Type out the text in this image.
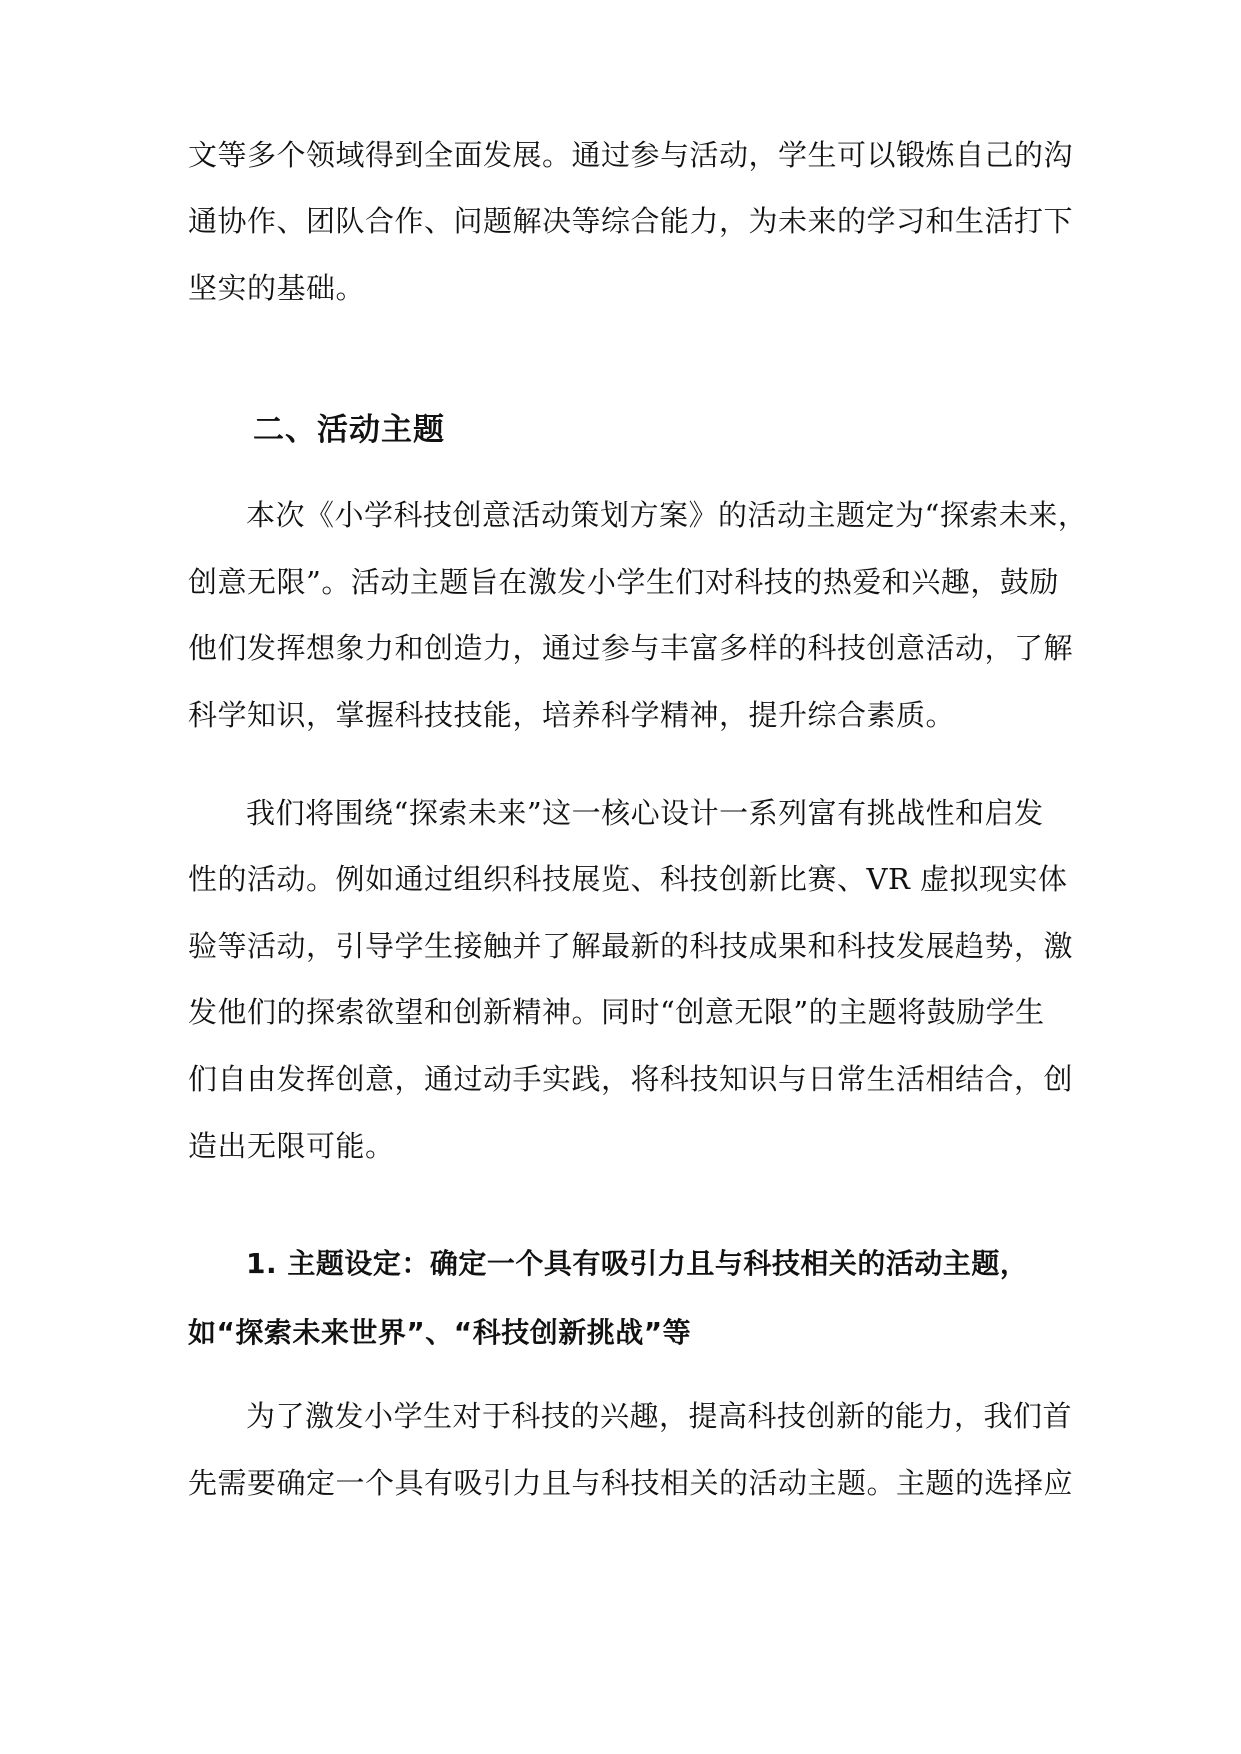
文等多个领域得到全面发展。通过参与活动，学生可以锻炼自己的沟
通协作、团队合作、问题解决等综合能力，为未来的学习和生活打下
坚实的基础。
二、活动主题
本次《小学科技创意活动策划方案》的活动主题定为“探索未来，
创意无限”。活动主题旨在激发小学生们对科技的热爱和兴趣，鼓励
他们发挥想象力和创造力，通过参与丰富多样的科技创意活动，了解
科学知识，掌握科技技能，培养科学精神，提升综合素质。
我们将围绕“探索未来”这一核心设计一系列富有挑战性和启发
性的活动。例如通过组织科技展览、科技创新比赛、VR 虚拟现实体
验等活动，引导学生接触并了解最新的科技成果和科技发展趋势，激
发他们的探索欲望和创新精神。同时“创意无限”的主题将鼓励学生
们自由发挥创意，通过动手实践，将科技知识与日常生活相结合，创
造出无限可能。
1. 主题设定：确定一个具有吸引力且与科技相关的活动主题，
如“探索未来世界”、“科技创新挑战”等
为了激发小学生对于科技的兴趣，提高科技创新的能力，我们首
先需要确定一个具有吸引力且与科技相关的活动主题。主题的选择应
